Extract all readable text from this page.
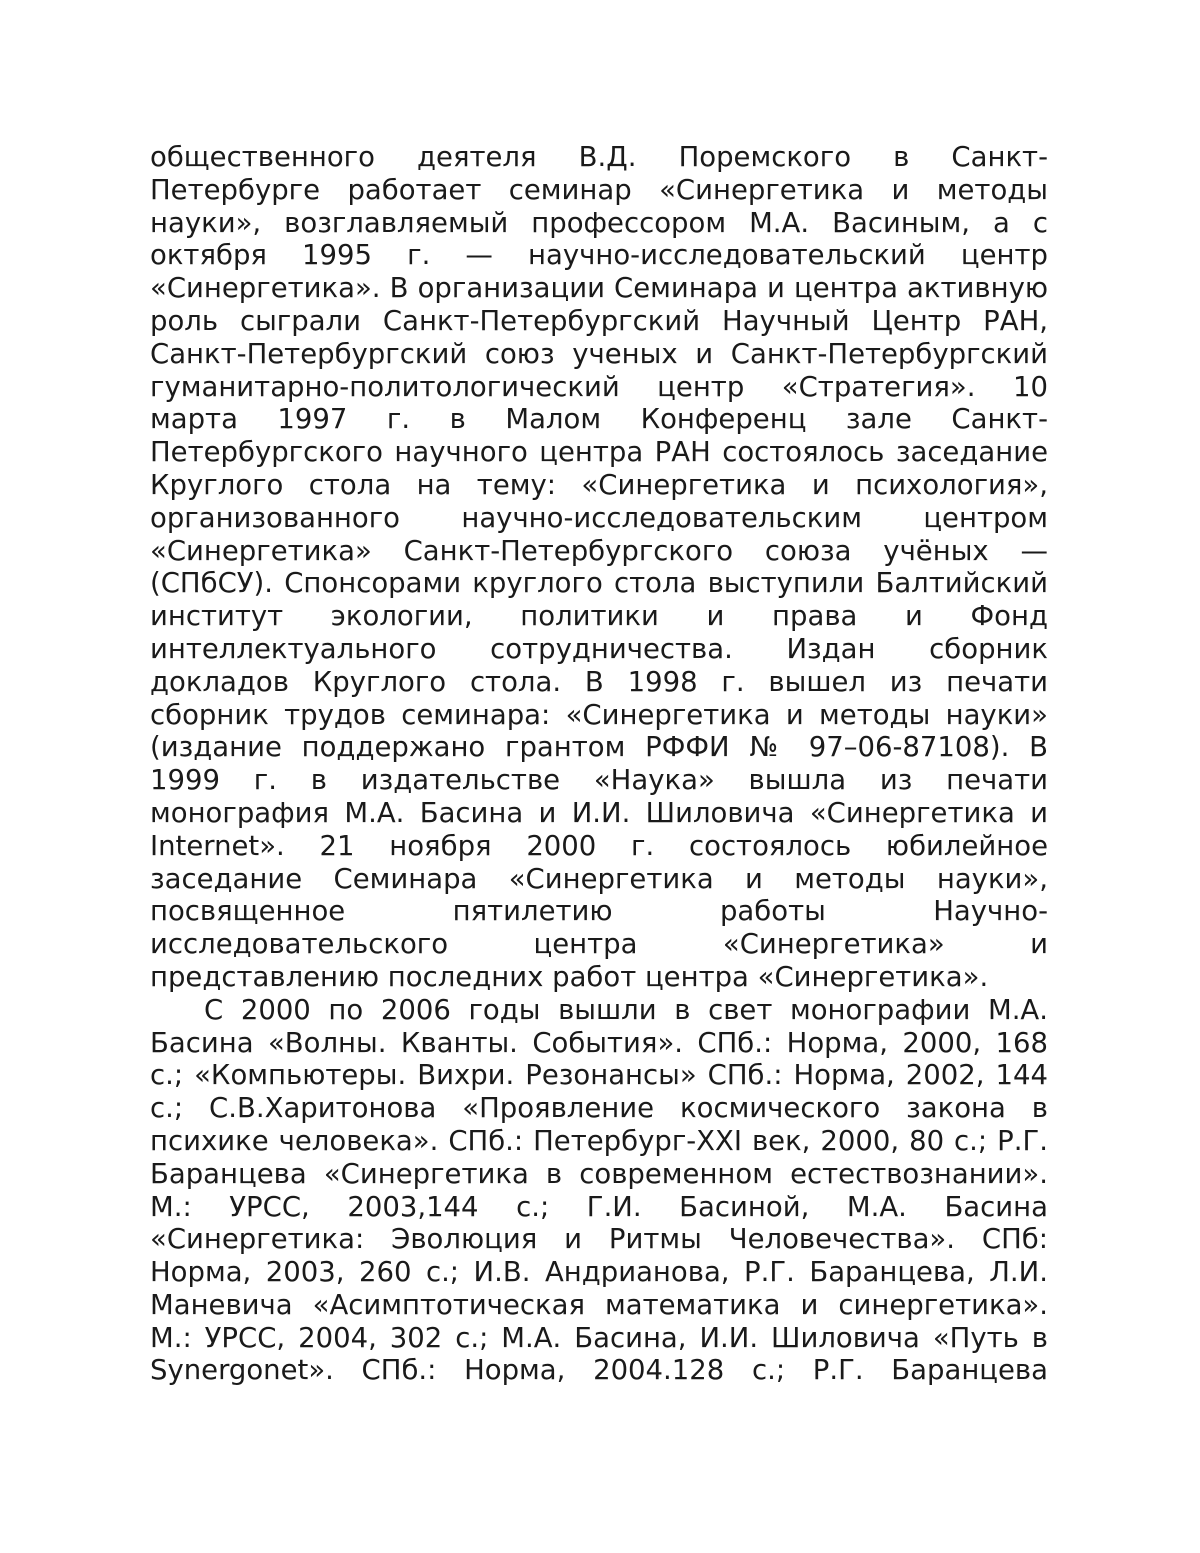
общественного деятеля В.Д. Поремского в Санкт-Петербурге работает семинар «Синергетика и методы науки», возглавляемый профессором М.А. Васиным, а с октября 1995 г. — научно-исследовательский центр «Синергетика». В организации Семинара и центра активную роль сыграли Санкт-Петербургский Научный Центр РАН, Санкт-Петербургский союз ученых и Санкт-Петербургский гуманитарно-политологический центр «Стратегия». 10 марта 1997 г. в Малом Конференц зале Санкт-Петербургского научного центра РАН состоялось заседание Круглого стола на тему: «Синергетика и психология», организованного научно-исследовательским центром «Синергетика» Санкт-Петербургского союза учёных — (СПбСУ). Спонсорами круглого стола выступили Балтийский институт экологии, политики и права и Фонд интеллектуального сотрудничества. Издан сборник докладов Круглого стола. В 1998 г. вышел из печати сборник трудов семинара: «Синергетика и методы науки» (издание поддержано грантом РФФИ № 97–06-87108). В 1999 г. в издательстве «Наука» вышла из печати монография М.А. Басина и И.И. Шиловича «Синергетика и Internet». 21 ноября 2000 г. состоялось юбилейное заседание Семинара «Синергетика и методы науки», посвященное пятилетию работы Научно-исследовательского центра «Синергетика» и представлению последних работ центра «Синергетика».

С 2000 по 2006 годы вышли в свет монографии М.А. Басина «Волны. Кванты. События». СПб.: Норма, 2000, 168 с.; «Компьютеры. Вихри. Резонансы» СПб.: Норма, 2002, 144 с.; С.В.Харитонова «Проявление космического закона в психике человека». СПб.: Петербург-XXI век, 2000, 80 с.; Р.Г. Баранцева «Синергетика в современном естествознании». М.: УРСС, 2003,144 с.; Г.И. Басиной, М.А. Басина «Синергетика: Эволюция и Ритмы Человечества». СПб: Норма, 2003, 260 с.; И.В. Андрианова, Р.Г. Баранцева, Л.И. Маневича «Асимптотическая математика и синергетика». М.: УРСС, 2004, 302 с.; М.А. Басина, И.И. Шиловича «Путь в Synergonet». СПб.: Норма, 2004.128 с.; Р.Г. Баранцева
